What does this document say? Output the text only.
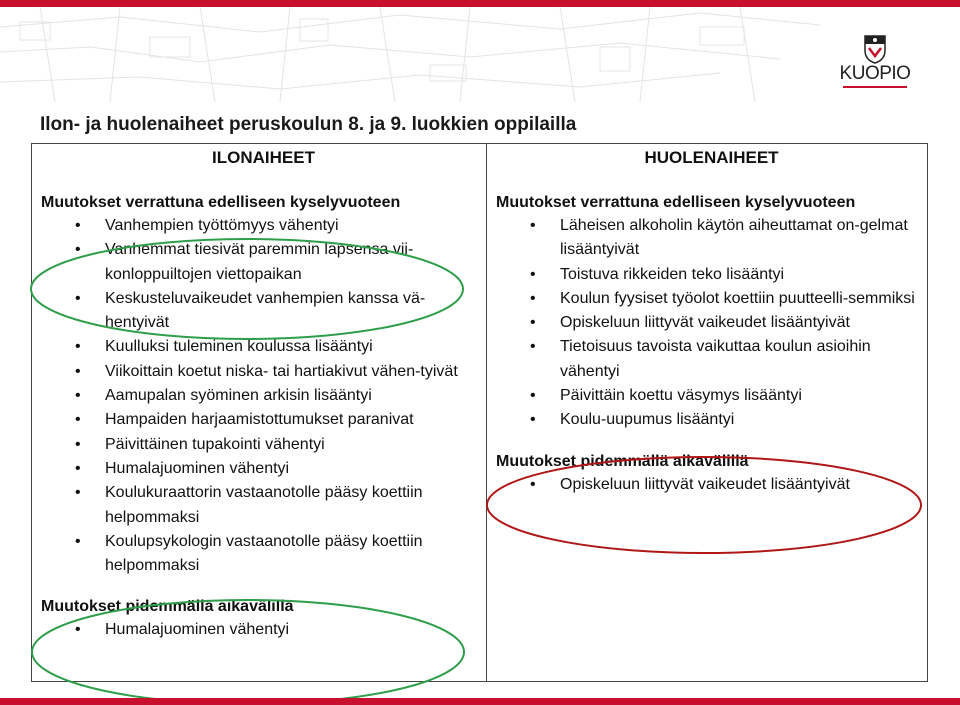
KUOPIO
Ilon- ja huolenaiheet peruskoulun 8. ja 9. luokkien oppilailla
ILONAIHEET
Muutokset verrattuna edelliseen kyselyvuoteen
• Vanhempien työttömyys vähentyi
• Vanhemmat tiesivät paremmin lapsensa vii-konloppuiltojen viettopaikan
• Keskusteluvaikeudet vanhempien kanssa vä-hentyivät
• Kuulluksi tuleminen koulussa lisääntyi
• Viikoittain koetut niska- tai hartiakivut vähen-tyivät
• Aamupalan syöminen arkisin lisääntyi
• Hampaiden harjaamistottumukset paranivat
• Päivittäinen tupakointi vähentyi
• Humalajuominen vähentyi
• Koulukuraattorin vastaanotolle pääsy koettiin helpommaksi
• Koulupsykologin vastaanotolle pääsy koettiin helpommaksi
Muutokset pidemmällä aikavälillä
• Humalajuominen vähentyi
HUOLENAIHEET
Muutokset verrattuna edelliseen kyselyvuoteen
• Läheisen alkoholin käytön aiheuttamat on-gelmat lisääntyivät
• Toistuva rikkeiden teko lisääntyi
• Koulun fyysiset työolot koettiin puutteelli-semmiksi
• Opiskeluun liittyvät vaikeudet lisääntyivät
• Tietoisuus tavoista vaikuttaa koulun asioihin vähentyi
• Päivittäin koettu väsymys lisääntyi
• Koulu-uupumus lisääntyi
Muutokset pidemmällä aikavälillä
• Opiskeluun liittyvät vaikeudet lisääntyivät
